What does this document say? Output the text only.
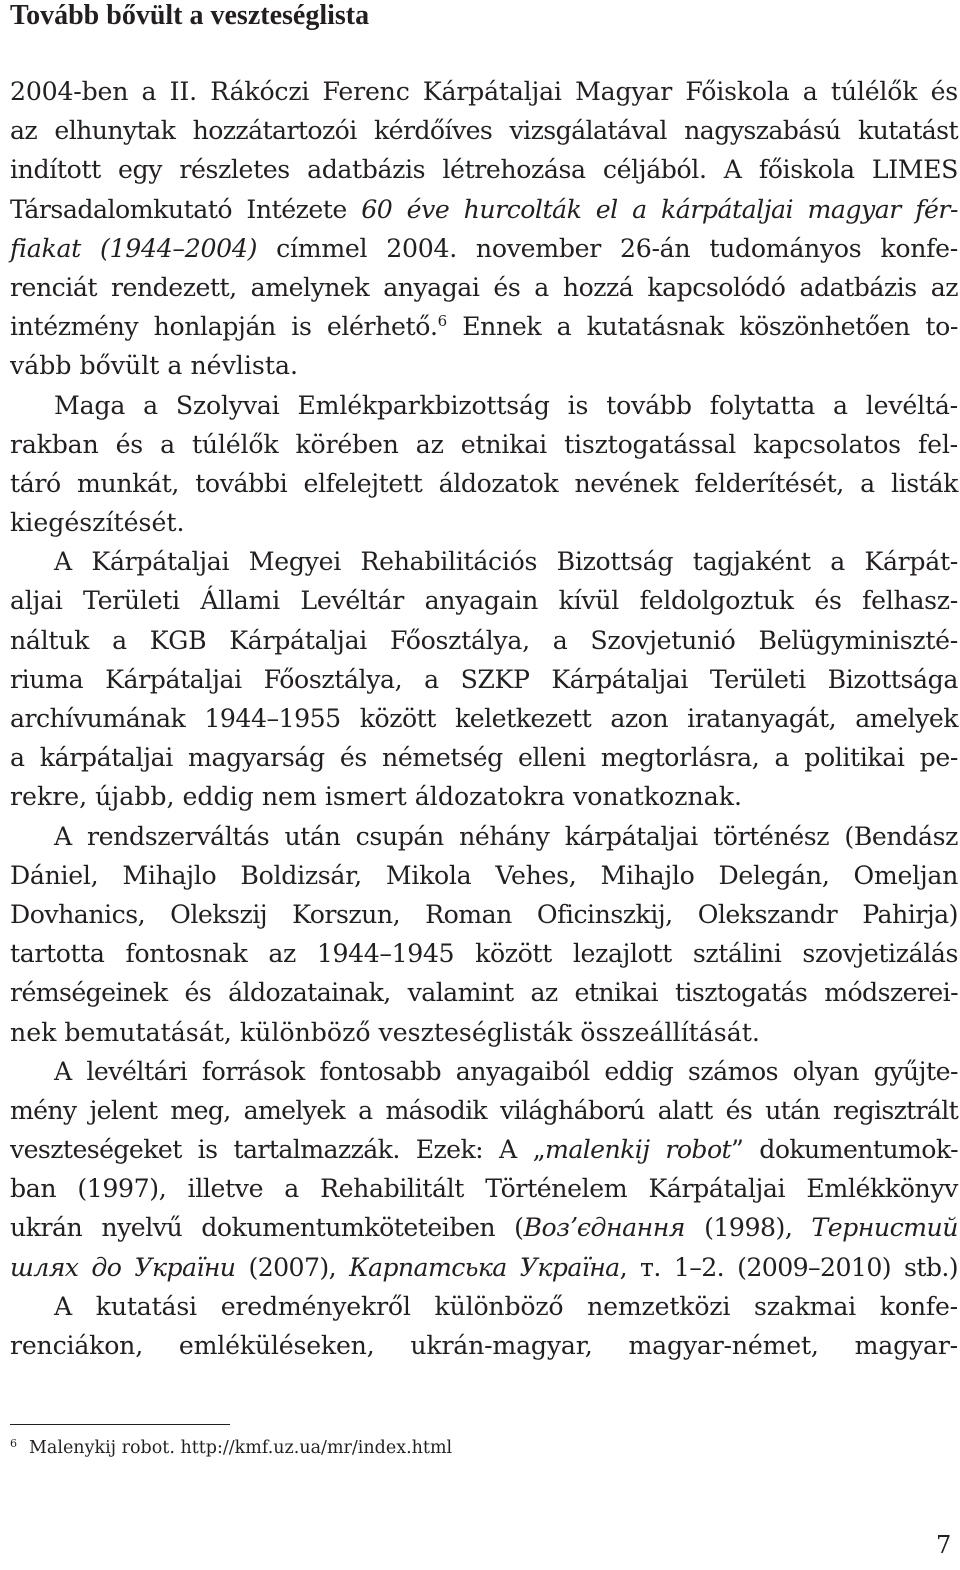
Tovább bővült a veszteséglista
2004-ben a II. Rákóczi Ferenc Kárpátaljai Magyar Főiskola a túlélők és
az elhunytak hozzátartozói kérdőíves vizsgálatával nagyszabású kutatást
indított egy részletes adatbázis létrehozása céljából. A főiskola LIMES
Társadalomkutató Intézete 60 éve hurcolták el a kárpátaljai magyar fér-
fiakat (1944–2004) címmel 2004. november 26-án tudományos konfe-
renciát rendezett, amelynek anyagai és a hozzá kapcsolódó adatbázis az
intézmény honlapján is elérhető.$^6$ Ennek a kutatásnak köszönhetően to-
vább bővült a névlista.
Maga a Szolyvai Emlékparkbizottság is tovább folytatta a levéltá-
rakban és a túlélők körében az etnikai tisztogatással kapcsolatos fel-
táró munkát, további elfelejtett áldozatok nevének felderítését, a listák
kiegészítését.
A Kárpátaljai Megyei Rehabilitációs Bizottság tagjaként a Kárpát-
aljai Területi Állami Levéltár anyagain kívül feldolgoztuk és felhasz-
náltuk a KGB Kárpátaljai Főosztálya, a Szovjetunió Belügyminiszté-
riuma Kárpátaljai Főosztálya, a SZKP Kárpátaljai Területi Bizottsága
archívumának 1944–1955 között keletkezett azon iratanyagát, amelyek
a kárpátaljai magyarság és németség elleni megtorlásra, a politikai pe-
rekre, újabb, eddig nem ismert áldozatokra vonatkoznak.
A rendszerváltás után csupán néhány kárpátaljai történész (Bendász
Dániel, Mihajlo Boldizsár, Mikola Vehes, Mihajlo Delegán, Omeljan
Dovhanics, Olekszij Korszun, Roman Oficinszkij, Olekszandr Pahirja)
tartotta fontosnak az 1944–1945 között lezajlott sztálini szovjetizálás
rémségeinek és áldozatainak, valamint az etnikai tisztogatás módszerei-
nek bemutatását, különböző veszteséglisták összeállítását.
A levéltári források fontosabb anyagaiból eddig számos olyan gyűjte-
mény jelent meg, amelyek a második világháború alatt és után regisztrált
veszteségeket is tartalmazzák. Ezek: A „malenkij robot” dokumentumok-
ban (1997), illetve a Rehabilitált Történelem Kárpátaljai Emlékkönyv
ukrán nyelvű dokumentumköteteiben (Возʼєднання (1998), Тернистий
шлях до України (2007), Карпатська Україна, т. 1–2. (2009–2010) stb.)
A kutatási eredményekről különböző nemzetközi szakmai konfe-
renciákon, emléküléseken, ukrán-magyar, magyar-német, magyar-
$^6$ Malenykij robot. http://kmf.uz.ua/mr/index.html
7
